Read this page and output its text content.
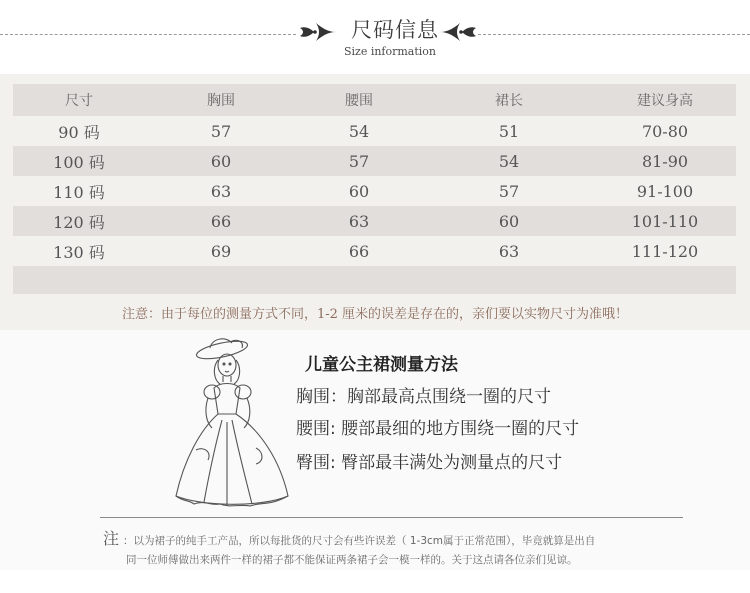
尺码信息
Size information
尺寸	胸围	腰围	裙长	建议身高
90 码	57	54	51	70-80
100 码	60	57	54	81-90
110 码	63	60	57	91-100
120 码	66	63	60	101-110
130 码	69	66	63	111-120
注意：由于每位的测量方式不同，1-2 厘米的误差是存在的，亲们要以实物尺寸为准哦！
儿童公主裙测量方法
胸围：胸部最高点围绕一圈的尺寸
腰围: 腰部最细的地方围绕一圈的尺寸
臀围: 臀部最丰满处为测量点的尺寸
注 ：以为裙子的纯手工产品，所以每批货的尺寸会有些许误差（ 1-3cm属于正常范围），毕竟就算是出自
同一位师傅做出来两件一样的裙子都不能保证两条裙子会一模一样的。关于这点请各位亲们见谅。
